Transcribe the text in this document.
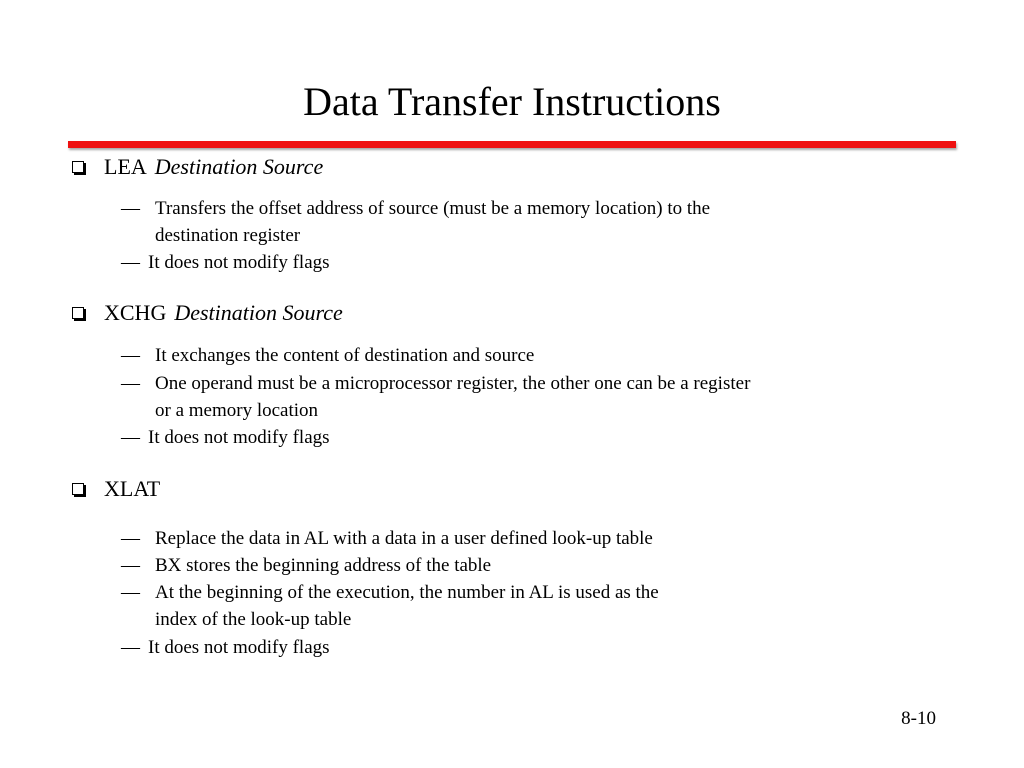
Data Transfer Instructions
LEA Destination Source
— Transfers the offset address of source (must be a memory location) to the
destination register
— It does not modify flags
XCHG Destination Source
— It exchanges the content of destination and source
— One operand must be a microprocessor register, the other one can be a register
or a memory location
— It does not modify flags
XLAT
— Replace the data in AL with a data in a user defined look-up table
— BX stores the beginning address of the table
— At the beginning of the execution, the number in AL is used as the
index of the look-up table
— It does not modify flags
8-10
